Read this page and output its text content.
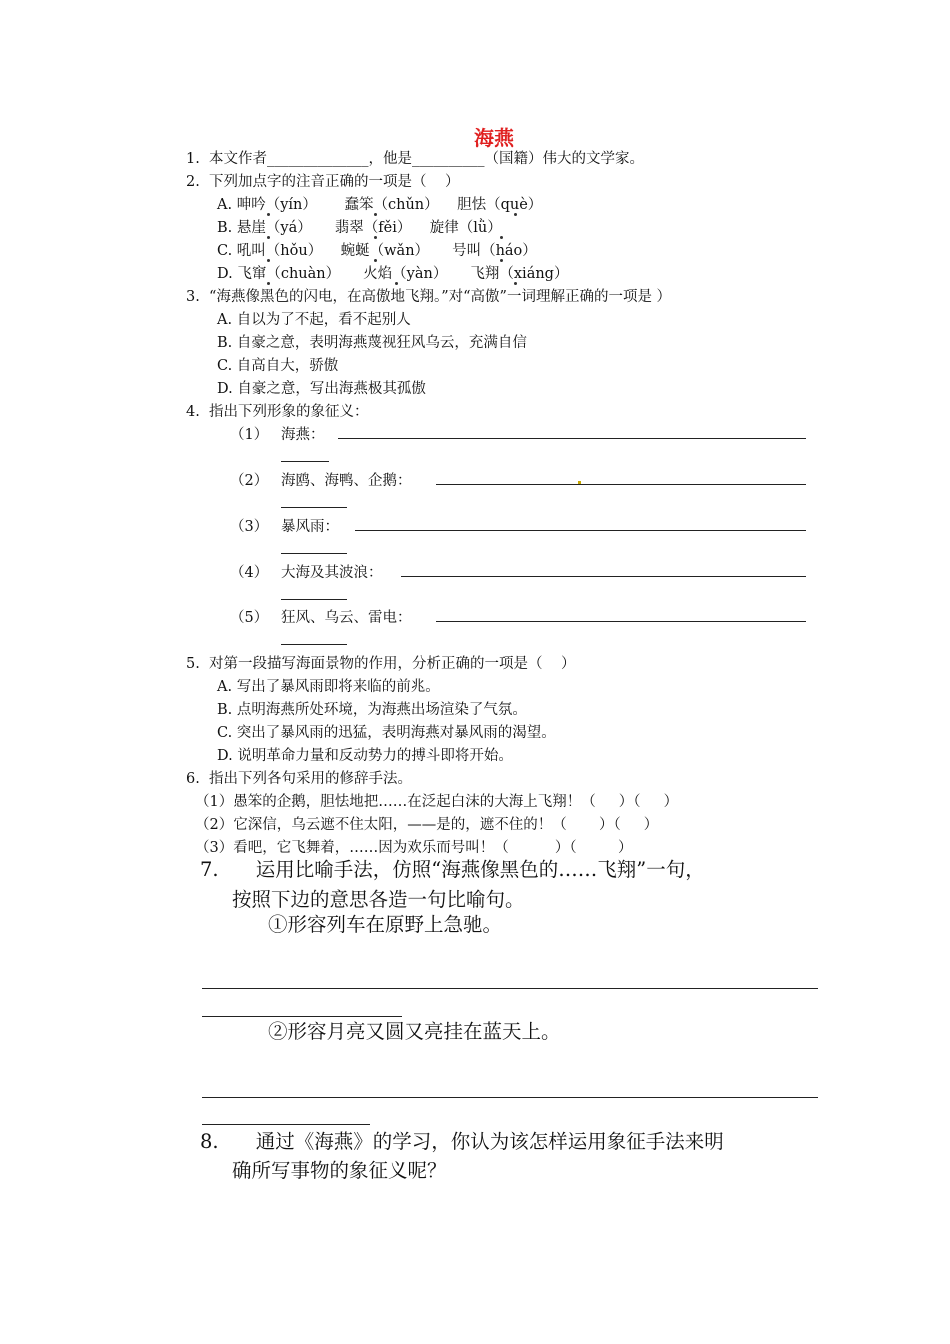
海燕
1.  本文作者______________，他是__________（国籍）伟大的文学家。
2.  下列加点字的注音正确的一项是（    ）
A. 呻吟（yín）      蠢笨（chǔn）    胆怯（què）
B. 悬崖（yá）     翡翠（fěi）    旋律（lǜ）
C. 吼叫（hǒu）    蜿蜒（wǎn）     号叫（háo）
D. 飞窜（chuàn）     火焰（yàn）     飞翔（xiáng）
3.  “海燕像黑色的闪电，在高傲地飞翔。”对“高傲”一词理解正确的一项是 ）
A. 自以为了不起，看不起别人
B. 自豪之意，表明海燕蔑视狂风乌云，充满自信
C. 自高自大，骄傲
D. 自豪之意，写出海燕极其孤傲
4.  指出下列形象的象征义：
（1） 海燕：
（2） 海鸥、海鸭、企鹅：
（3） 暴风雨：
（4） 大海及其波浪：
（5） 狂风、乌云、雷电：
5.  对第一段描写海面景物的作用，分析正确的一项是（    ）
A. 写出了暴风雨即将来临的前兆。
B. 点明海燕所处环境，为海燕出场渲染了气氛。
C. 突出了暴风雨的迅猛，表明海燕对暴风雨的渴望。
D. 说明革命力量和反动势力的搏斗即将开始。
6.  指出下列各句采用的修辞手法。
（1）愚笨的企鹅，胆怯地把……在泛起白沫的大海上飞翔！（     ）（     ）
（2）它深信，乌云遮不住太阳，——是的，遮不住的！（       ）（     ）
（3）看吧，它飞舞着，……因为欢乐而号叫！（          ）（         ）
7.      运用比喻手法，仿照“海燕像黑色的……飞翔”一句，
按照下边的意思各造一句比喻句。
①形容列车在原野上急驰。
②形容月亮又圆又亮挂在蓝天上。
8.      通过《海燕》的学习，你认为该怎样运用象征手法来明
确所写事物的象征义呢？
